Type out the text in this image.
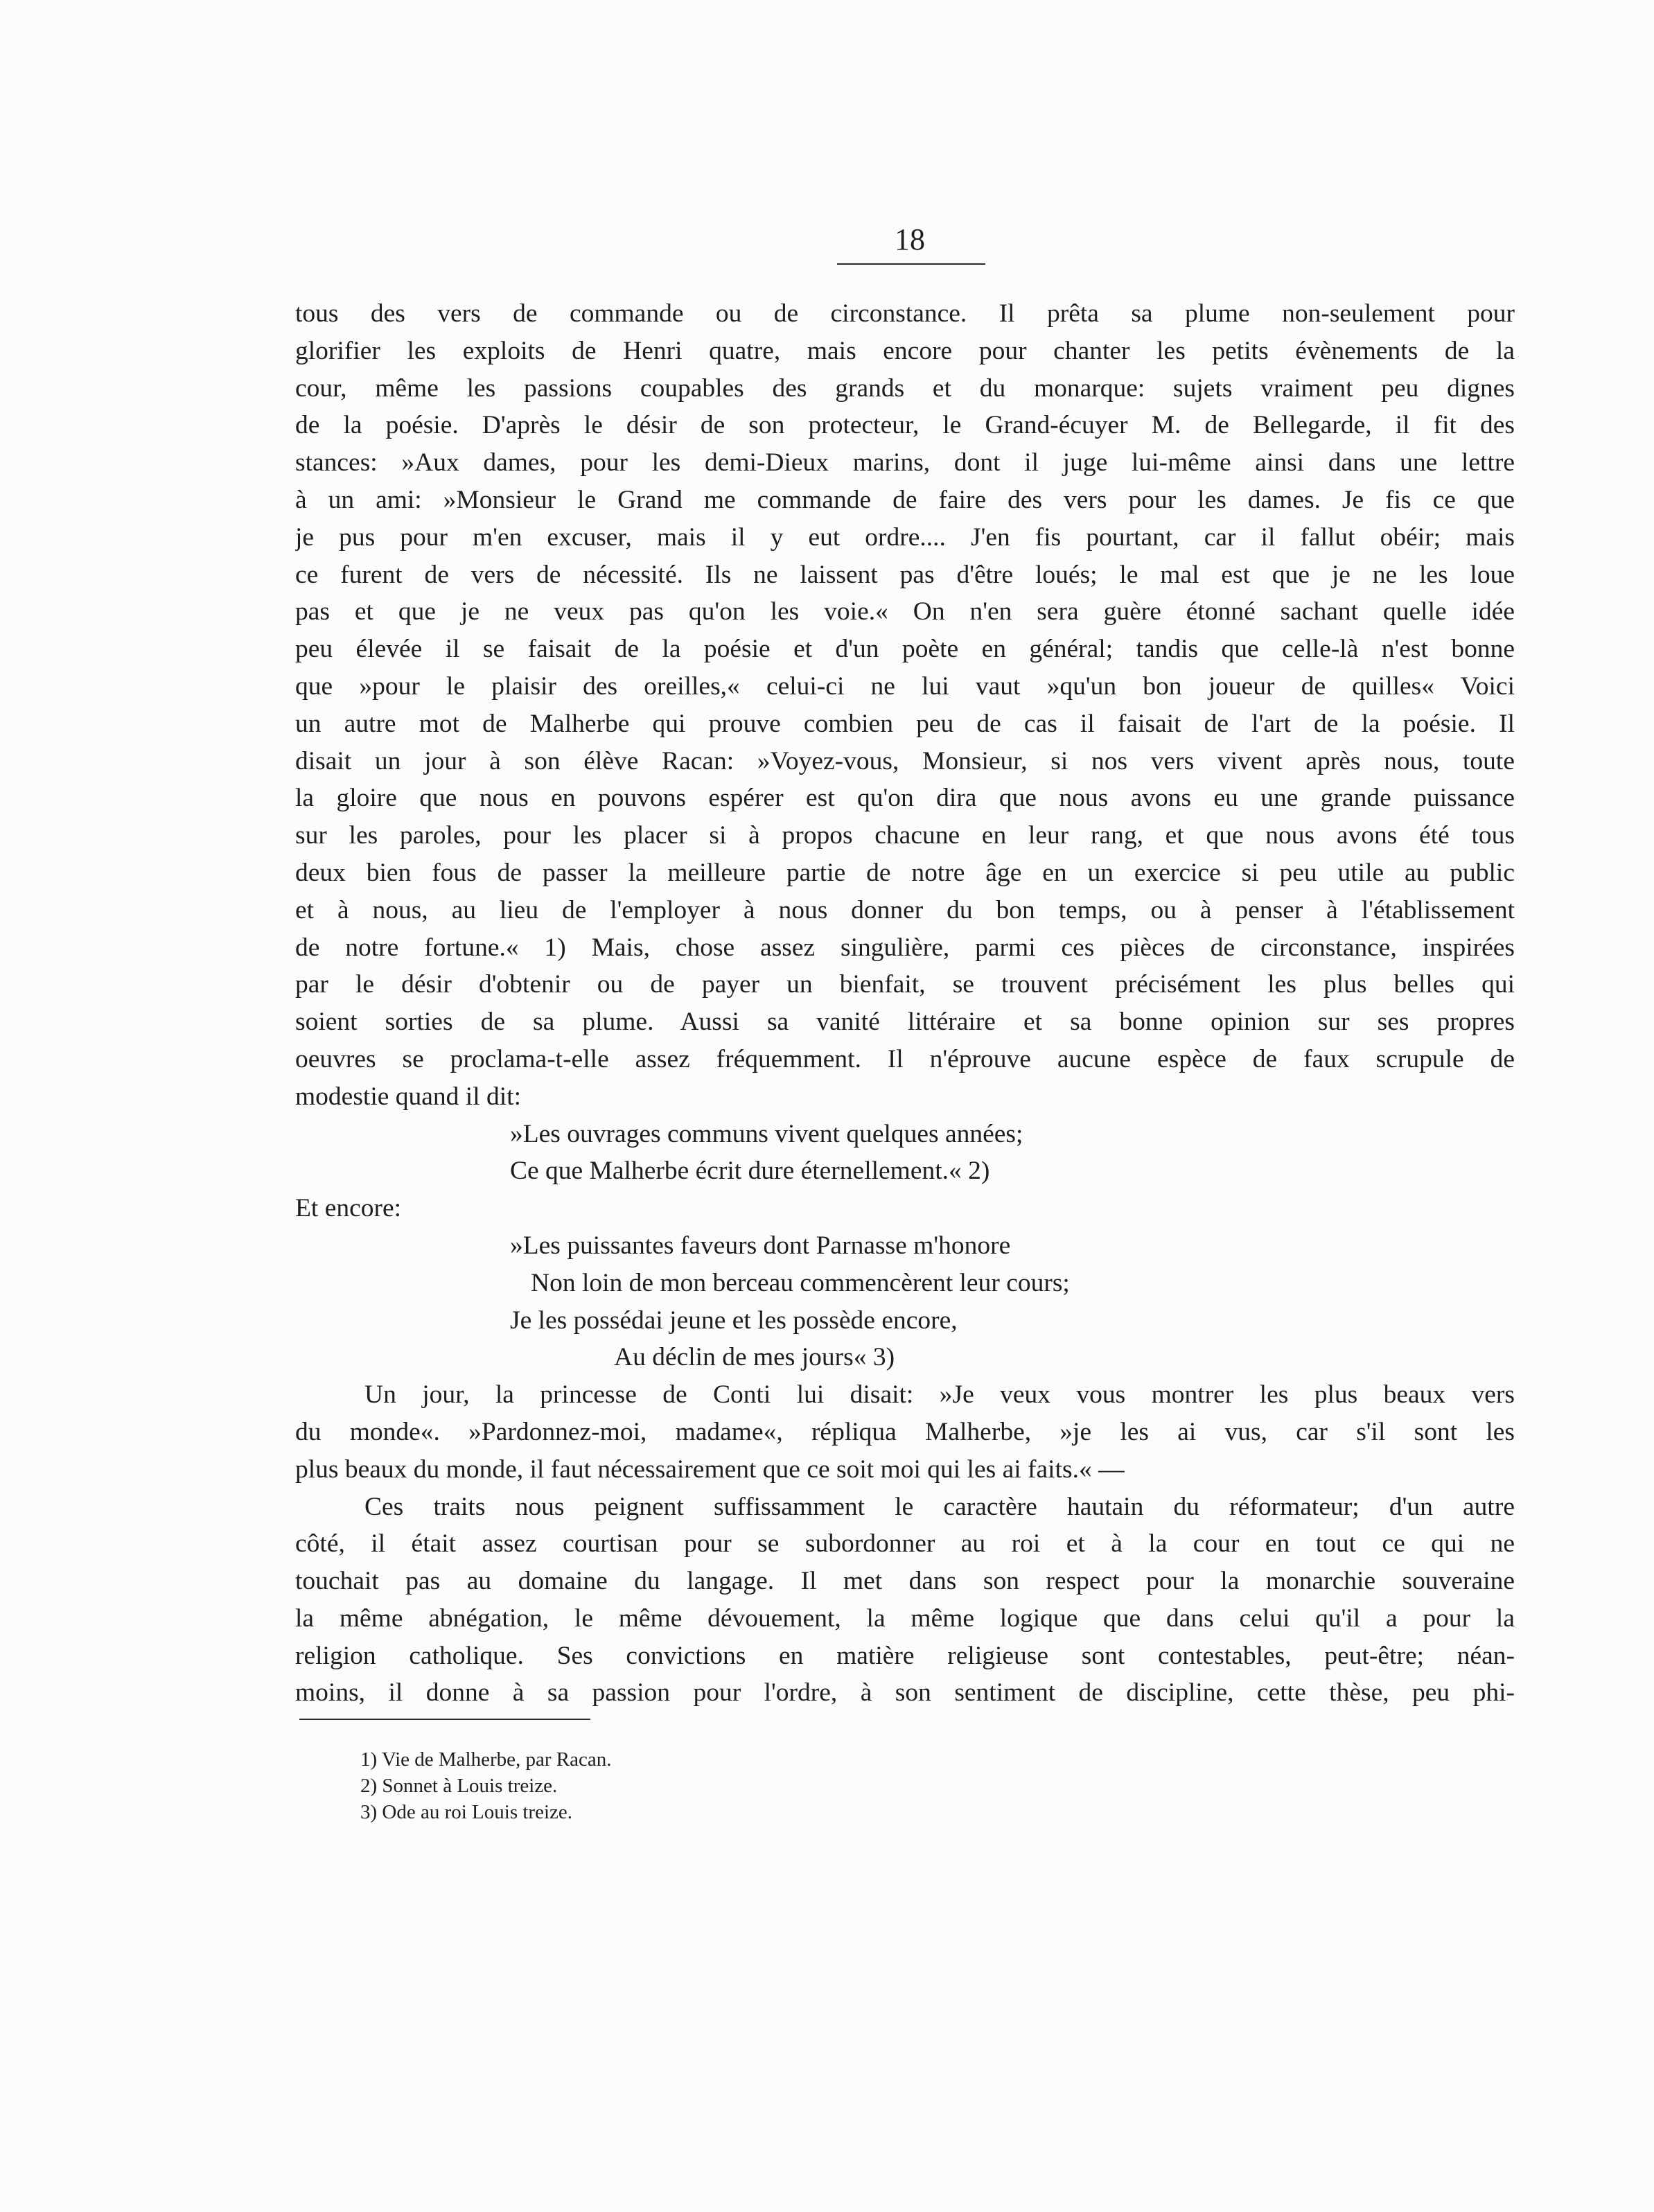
18
tous des vers de commande ou de circonstance. Il prêta sa plume non-seulement pour
glorifier les exploits de Henri quatre, mais encore pour chanter les petits évènements de la
cour, même les passions coupables des grands et du monarque: sujets vraiment peu dignes
de la poésie. D'après le désir de son protecteur, le Grand-écuyer M. de Bellegarde, il fit des
stances: »Aux dames, pour les demi-Dieux marins, dont il juge lui-même ainsi dans une lettre
à un ami: »Monsieur le Grand me commande de faire des vers pour les dames. Je fis ce que
je pus pour m'en excuser, mais il y eut ordre.... J'en fis pourtant, car il fallut obéir; mais
ce furent de vers de nécessité. Ils ne laissent pas d'être loués; le mal est que je ne les loue
pas et que je ne veux pas qu'on les voie.« On n'en sera guère étonné sachant quelle idée
peu élevée il se faisait de la poésie et d'un poète en général; tandis que celle-là n'est bonne
que »pour le plaisir des oreilles,« celui-ci ne lui vaut »qu'un bon joueur de quilles« Voici
un autre mot de Malherbe qui prouve combien peu de cas il faisait de l'art de la poésie. Il
disait un jour à son élève Racan: »Voyez-vous, Monsieur, si nos vers vivent après nous, toute
la gloire que nous en pouvons espérer est qu'on dira que nous avons eu une grande puissance
sur les paroles, pour les placer si à propos chacune en leur rang, et que nous avons été tous
deux bien fous de passer la meilleure partie de notre âge en un exercice si peu utile au public
et à nous, au lieu de l'employer à nous donner du bon temps, ou à penser à l'établissement
de notre fortune.« 1) Mais, chose assez singulière, parmi ces pièces de circonstance, inspirées
par le désir d'obtenir ou de payer un bienfait, se trouvent précisément les plus belles qui
soient sorties de sa plume. Aussi sa vanité littéraire et sa bonne opinion sur ses propres
oeuvres se proclama-t-elle assez fréquemment. Il n'éprouve aucune espèce de faux scrupule de
modestie quand il dit:
»Les ouvrages communs vivent quelques années;
Ce que Malherbe écrit dure éternellement.« 2)
Et encore:
»Les puissantes faveurs dont Parnasse m'honore
Non loin de mon berceau commencèrent leur cours;
Je les possédai jeune et les possède encore,
Au déclin de mes jours« 3)
Un jour, la princesse de Conti lui disait: »Je veux vous montrer les plus beaux vers
du monde«. »Pardonnez-moi, madame«, répliqua Malherbe, »je les ai vus, car s'il sont les
plus beaux du monde, il faut nécessairement que ce soit moi qui les ai faits.« —
Ces traits nous peignent suffissamment le caractère hautain du réformateur; d'un autre
côté, il était assez courtisan pour se subordonner au roi et à la cour en tout ce qui ne
touchait pas au domaine du langage. Il met dans son respect pour la monarchie souveraine
la même abnégation, le même dévouement, la même logique que dans celui qu'il a pour la
religion catholique. Ses convictions en matière religieuse sont contestables, peut-être; néan-
moins, il donne à sa passion pour l'ordre, à son sentiment de discipline, cette thèse, peu phi-
1) Vie de Malherbe, par Racan.
2) Sonnet à Louis treize.
3) Ode au roi Louis treize.
